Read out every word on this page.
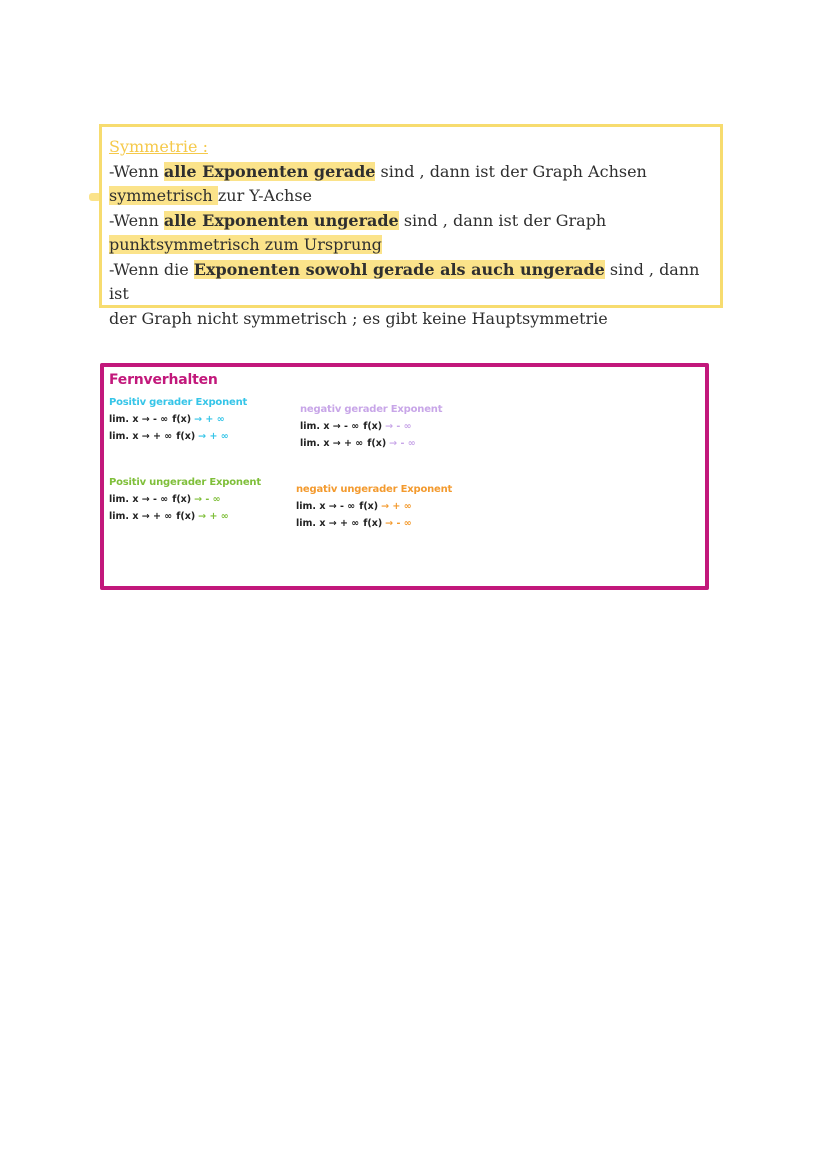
Symmetrie :
-Wenn alle Exponenten gerade sind , dann ist der Graph Achsen
symmetrisch zur Y-Achse
-Wenn alle Exponenten ungerade sind , dann ist der Graph
punktsymmetrisch zum Ursprung
-Wenn die Exponenten sowohl gerade als auch ungerade sind , dann ist
der Graph nicht symmetrisch ; es gibt keine Hauptsymmetrie
Fernverhalten
Positiv gerader Exponent
lim. x → - ∞ f(x) → + ∞
lim. x → + ∞ f(x) → + ∞
negativ gerader Exponent
lim. x → - ∞ f(x) → - ∞
lim. x → + ∞ f(x) → - ∞
Positiv ungerader Exponent
lim. x → - ∞ f(x) → - ∞
lim. x → + ∞ f(x) → + ∞
negativ ungerader Exponent
lim. x → - ∞ f(x) → + ∞
lim. x → + ∞ f(x) → - ∞
